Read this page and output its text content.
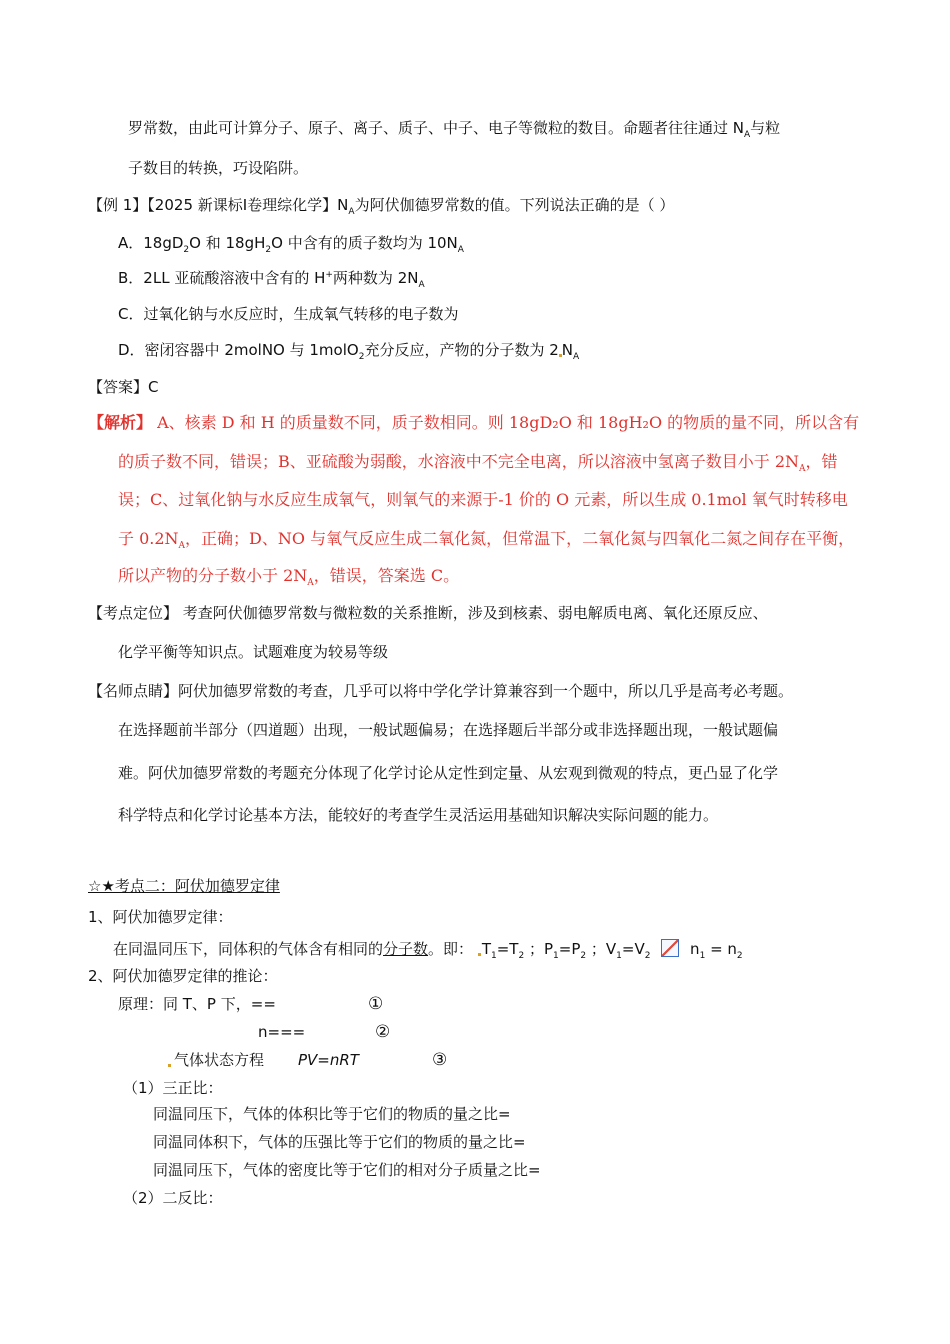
罗常数，由此可计算分子、原子、离子、质子、中子、电子等微粒的数目。命题者往往通过 $N_A$与粒
子数目的转换，巧设陷阱。
【例 1】【2025 新课标Ⅰ卷理综化学】$N_A$为阿伏伽德罗常数的值。下列说法正确的是（ ）
A．$18gD_2O$ 和 $18gH_2O$ 中含有的质子数均为 $10N_A$
B．2LL 亚硫酸溶液中含有的 H+两种数为 $2N_A$
C．过氧化钠与水反应时，生成氧气转移的电子数为
D．密闭容器中 2molNO 与 1molO$_2$充分反应，产物的分子数为 2 $N_A$
【答案】C
【解析】 A、核素 D 和 H 的质量数不同，质子数相同。则 18gD₂O 和 18gH₂O 的物质的量不同，所以含有
的质子数不同，错误；B、亚硫酸为弱酸，水溶液中不完全电离，所以溶液中氢离子数目小于 $2N_A$，错
误；C、过氧化钠与水反应生成氧气，则氧气的来源于-1 价的 O 元素，所以生成 0.1mol 氧气时转移电
子 $0.2N_A$，正确；D、NO 与氧气反应生成二氧化氮，但常温下，二氧化氮与四氧化二氮之间存在平衡，
所以产物的分子数小于 $2N_A$，错误，答案选 C。
【考点定位】 考查阿伏伽德罗常数与微粒数的关系推断，涉及到核素、弱电解质电离、氧化还原反应、
化学平衡等知识点。试题难度为较易等级
【名师点睛】阿伏加德罗常数的考查，几乎可以将中学化学计算兼容到一个题中，所以几乎是高考必考题。
在选择题前半部分（四道题）出现，一般试题偏易；在选择题后半部分或非选择题出现，一般试题偏
难。阿伏加德罗常数的考题充分体现了化学讨论从定性到定量、从宏观到微观的特点，更凸显了化学
科学特点和化学讨论基本方法，能较好的考查学生灵活运用基础知识解决实际问题的能力。
☆★考点二：阿伏加德罗定律
1、阿伏加德罗定律：
在同温同压下，同体积的气体含有相同的分子数。即： $T_1=T_2$ ；$P_1=P_2$ ；$V_1=V_2$	$n_1 = n_2$
2、阿伏加德罗定律的推论：
原理：同 T、P 下，==	①
n===	②
气体状态方程 PV=nRT	③
（1）三正比：
同温同压下，气体的体积比等于它们的物质的量之比=
同温同体积下，气体的压强比等于它们的物质的量之比=
同温同压下，气体的密度比等于它们的相对分子质量之比=
（2）二反比：
